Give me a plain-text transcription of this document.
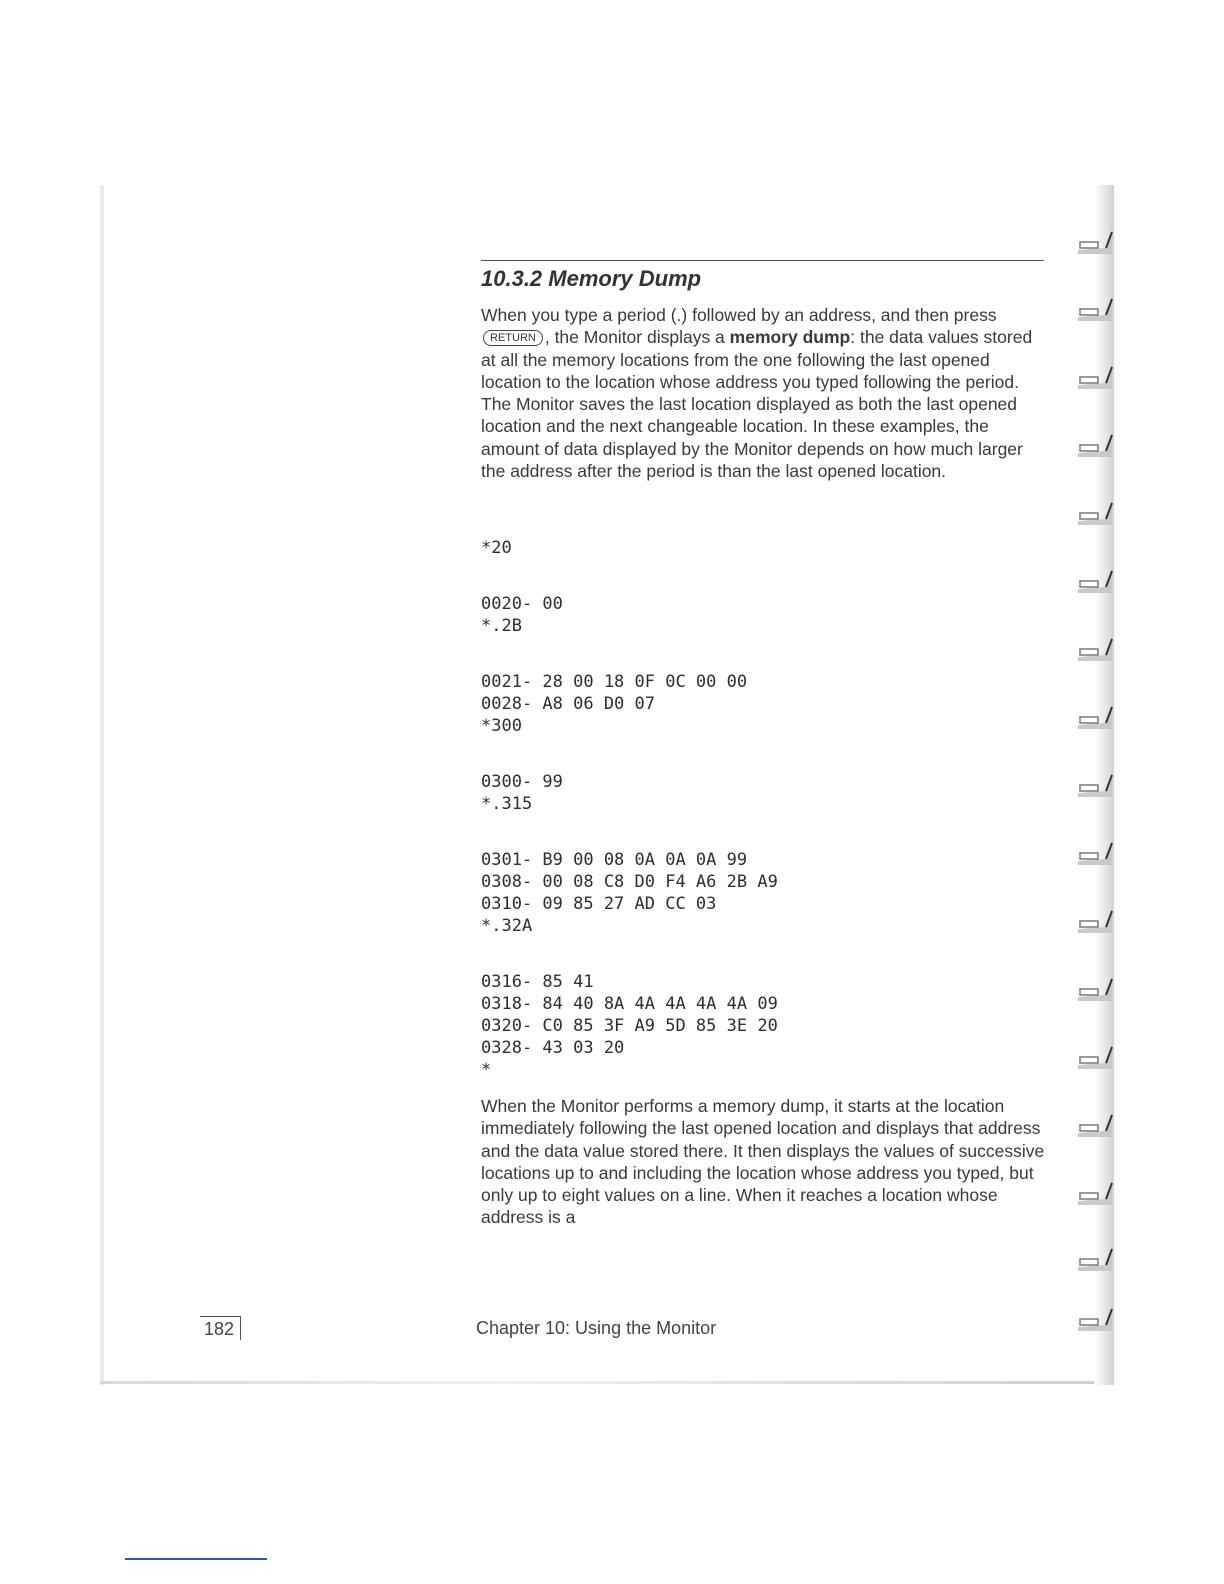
10.3.2 Memory Dump

When you type a period (.) followed by an address, and then press RETURN , the Monitor displays a memory dump: the data values stored at all the memory locations from the one following the last opened location to the location whose address you typed following the period. The Monitor saves the last location displayed as both the last opened location and the next changeable location. In these examples, the amount of data displayed by the Monitor depends on how much larger the address after the period is than the last opened location.

*20
0020- 00
*.2B
0021- 28 00 18 0F 0C 00 00
0028- A8 06 D0 07
*300
0300- 99
*.315
0301- B9 00 08 0A 0A 0A 99
0308- 00 08 C8 D0 F4 A6 2B A9
0310- 09 85 27 AD CC 03
*.32A
0316- 85 41
0318- 84 40 8A 4A 4A 4A 4A 09
0320- C0 85 3F A9 5D 85 3E 20
0328- 43 03 20
*

When the Monitor performs a memory dump, it starts at the location immediately following the last opened location and displays that address and the data value stored there. It then displays the values of successive locations up to and including the location whose address you typed, but only up to eight values on a line. When it reaches a location whose address is a

182	Chapter 10: Using the Monitor
